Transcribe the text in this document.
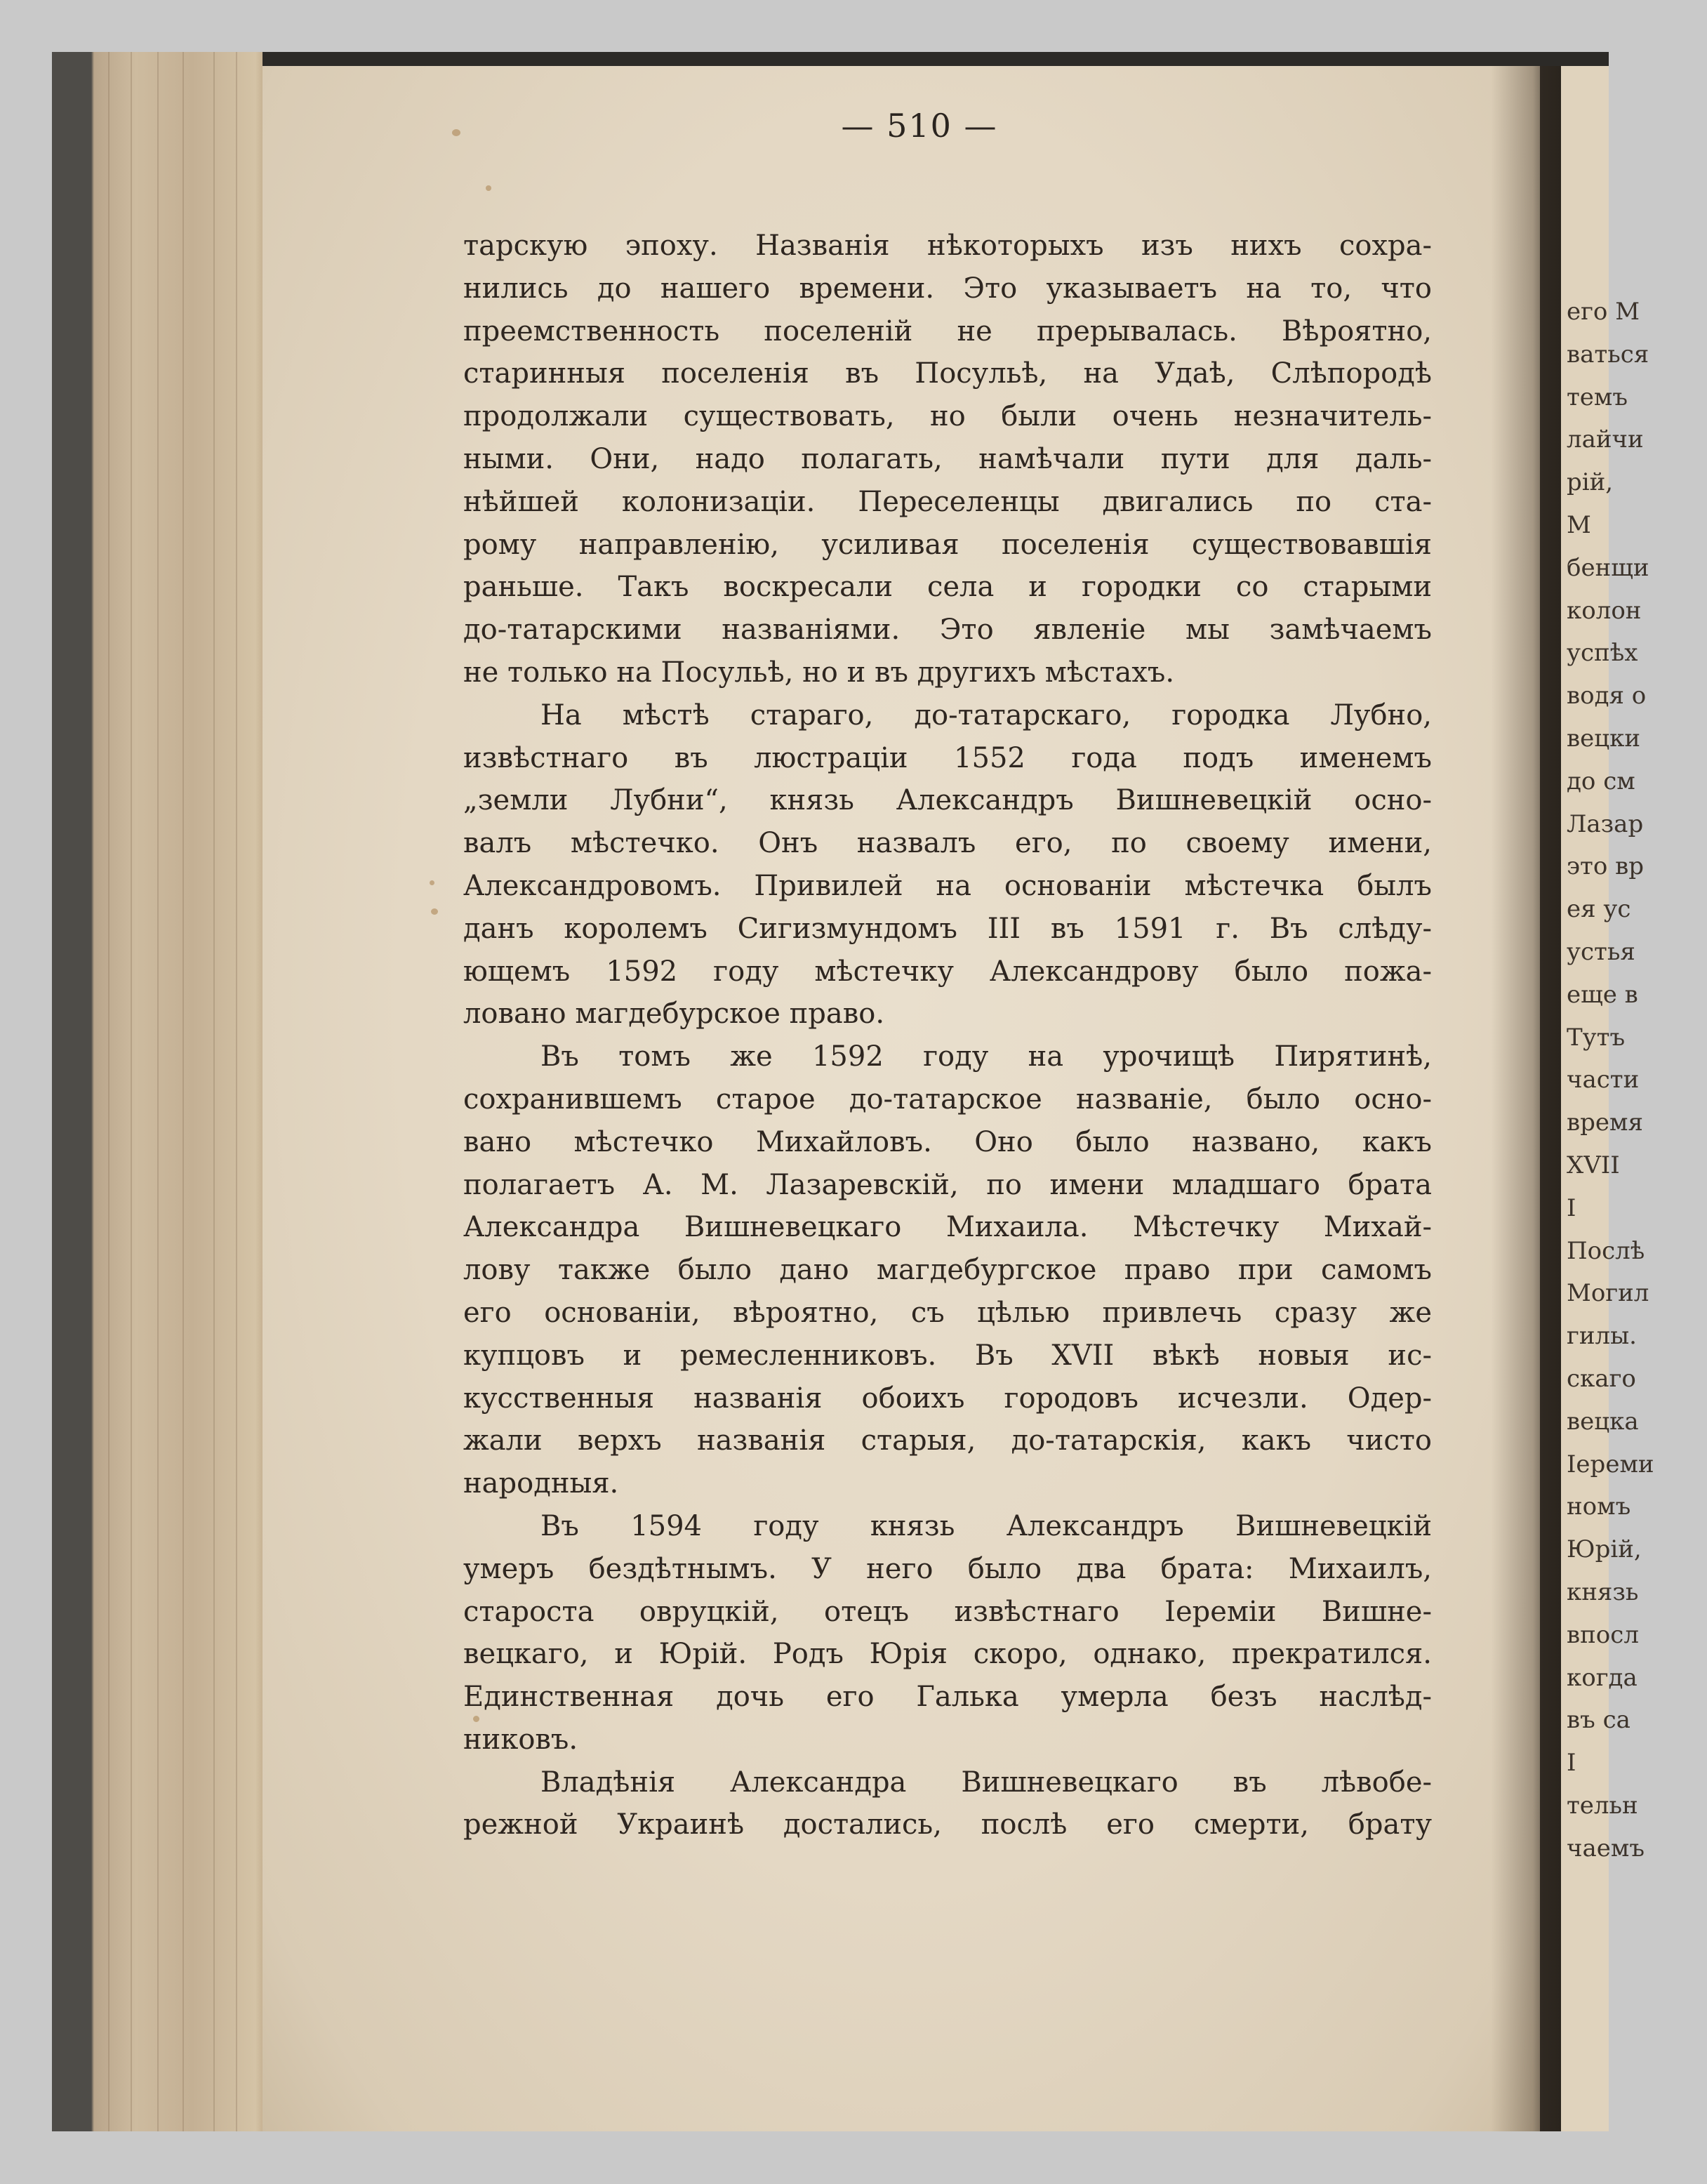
его М
ваться
темъ
лайчи
рій,
М
бенщи
колон
успѣх
водя о
вецки
до см
Лазар
это вр
ея ус
устья
еще в
Тутъ
части
время
XVII
І
Послѣ
Могил
гилы.
скаго
вецка
Іереми
номъ
Юрій,
князь
впосл
когда
въ са
І
тельн
чаемъ
— 510 —
тарскую эпоху. Названія нѣкоторыхъ изъ нихъ сохра-
нились до нашего времени. Это указываетъ на то, что
преемственность поселеній не прерывалась. Вѣроятно,
старинныя поселенія въ Посульѣ, на Удаѣ, Слѣпородѣ
продолжали существовать, но были очень незначитель-
ными. Они, надо полагать, намѣчали пути для даль-
нѣйшей колонизаціи. Переселенцы двигались по ста-
рому направленію, усиливая поселенія существовавшія
раньше. Такъ воскресали села и городки со старыми
до-татарскими названіями. Это явленіе мы замѣчаемъ
не только на Посульѣ, но и въ другихъ мѣстахъ.
На мѣстѣ стараго, до-татарскаго, городка Лубно,
извѣстнаго въ люстраціи 1552 года подъ именемъ
„земли Лубни“, князь Александръ Вишневецкій осно-
валъ мѣстечко. Онъ назвалъ его, по своему имени,
Александровомъ. Привилей на основаніи мѣстечка былъ
данъ королемъ Сигизмундомъ III въ 1591 г. Въ слѣду-
ющемъ 1592 году мѣстечку Александрову было пожа-
ловано магдебурское право.
Въ томъ же 1592 году на урочищѣ Пирятинѣ,
сохранившемъ старое до-татарское названіе, было осно-
вано мѣстечко Михайловъ. Оно было названо, какъ
полагаетъ А. М. Лазаревскій, по имени младшаго брата
Александра Вишневецкаго Михаила. Мѣстечку Михай-
лову также было дано магдебургское право при самомъ
его основаніи, вѣроятно, съ цѣлью привлечь сразу же
купцовъ и ремесленниковъ. Въ XVII вѣкѣ новыя ис-
кусственныя названія обоихъ городовъ исчезли. Одер-
жали верхъ названія старыя, до-татарскія, какъ чисто
народныя.
Въ 1594 году князь Александръ Вишневецкій
умеръ бездѣтнымъ. У него было два брата: Михаилъ,
староста овруцкій, отецъ извѣстнаго Іереміи Вишне-
вецкаго, и Юрій. Родъ Юрія скоро, однако, прекратился.
Единственная дочь его Галька умерла безъ наслѣд-
никовъ.
Владѣнія Александра Вишневецкаго въ лѣвобе-
режной Украинѣ достались, послѣ его смерти, брату
